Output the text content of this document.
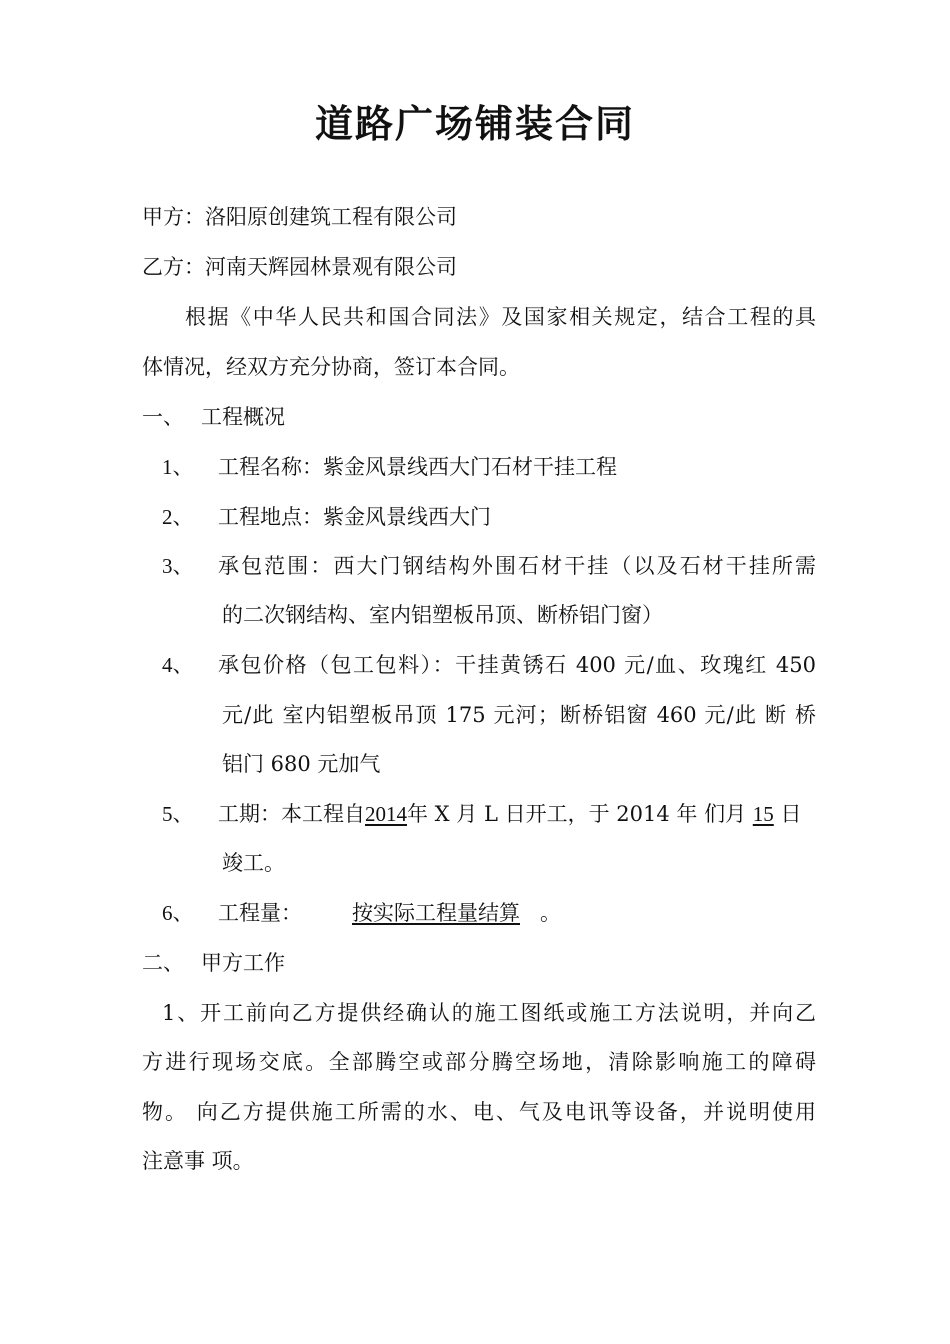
道路广场铺装合同
甲方：洛阳原创建筑工程有限公司
乙方：河南天辉园林景观有限公司
根据《中华人民共和国合同法》及国家相关规定，结合工程的具
体情况，经双方充分协商，签订本合同。
一、 工程概况
1、 工程名称：紫金风景线西大门石材干挂工程
2、 工程地点：紫金风景线西大门
3、 承包范围：西大门钢结构外围石材干挂（以及石材干挂所需
的二次钢结构、室内铝塑板吊顶、断桥铝门窗）
4、 承包价格（包工包料）：干挂黄锈石 400 元/血、玫瑰红 450
元/此 室内铝塑板吊顶 175 元河；断桥铝窗 460 元/此 断 桥
铝门 680 元加气
5、 工期：本工程自2014年 X 月 L 日开工，于 2014 年 们月 15 日
竣工。
6、 工程量： 按实际工程量结算 。
二、 甲方工作
1、开工前向乙方提供经确认的施工图纸或施工方法说明，并向乙
方进行现场交底。全部腾空或部分腾空场地，清除影响施工的障碍
物。 向乙方提供施工所需的水、电、气及电讯等设备，并说明使用
注意事 项。
